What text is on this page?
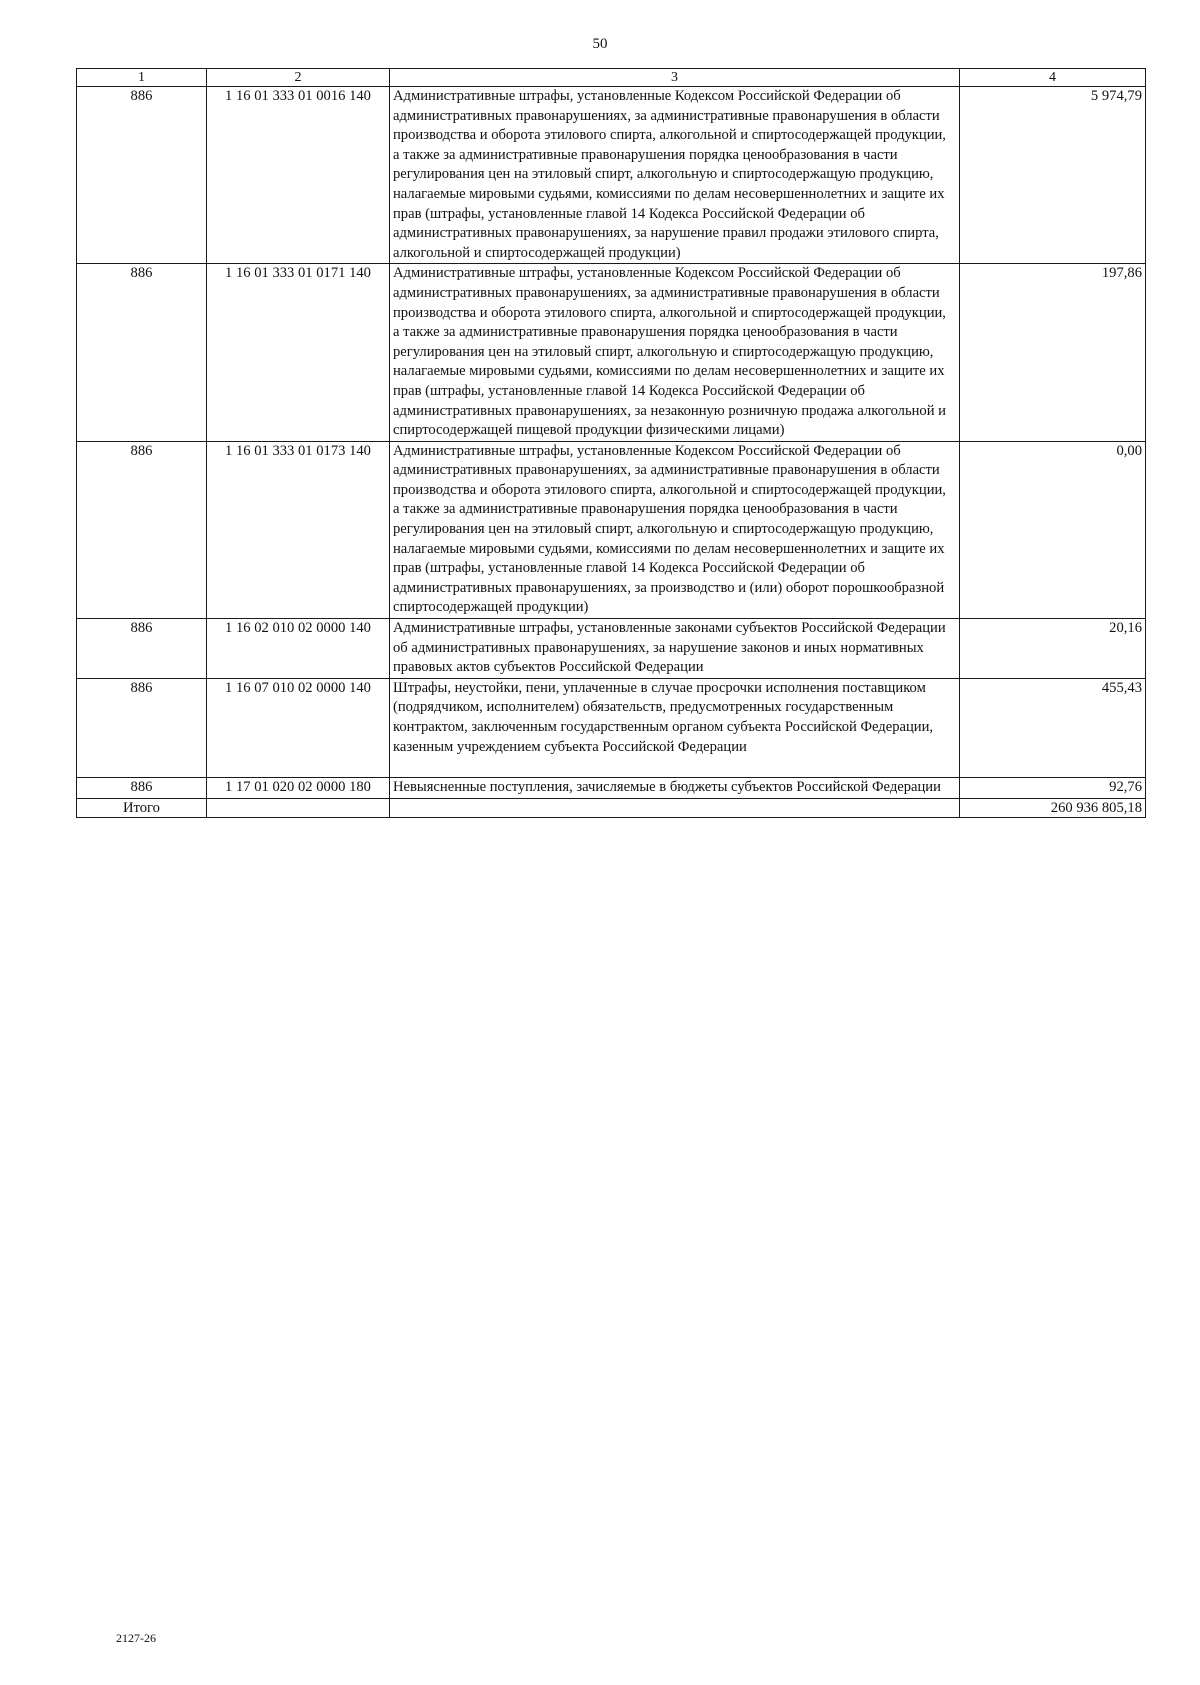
50
1	2	3	4
886	1 16 01 333 01 0016 140	Административные штрафы, установленные Кодексом Российской Федерации об административных правонарушениях, за административные правонарушения в области производства и оборота этилового спирта, алкогольной и спиртосодержащей продукции, а также за административные правонарушения порядка ценообразования в части регулирования цен на этиловый спирт, алкогольную и спиртосодержащую продукцию, налагаемые мировыми судьями, комиссиями по делам несовершеннолетних и защите их прав (штрафы, установленные главой 14 Кодекса Российской Федерации об административных правонарушениях, за нарушение правил продажи этилового спирта, алкогольной и спиртосодержащей продукции)	5 974,79
886	1 16 01 333 01 0171 140	Административные штрафы, установленные Кодексом Российской Федерации об административных правонарушениях, за административные правонарушения в области производства и оборота этилового спирта, алкогольной и спиртосодержащей продукции, а также за административные правонарушения порядка ценообразования в части регулирования цен на этиловый спирт, алкогольную и спиртосодержащую продукцию, налагаемые мировыми судьями, комиссиями по делам несовершеннолетних и защите их прав (штрафы, установленные главой 14 Кодекса Российской Федерации об административных правонарушениях, за незаконную розничную продажа алкогольной и спиртосодержащей пищевой продукции физическими лицами)	197,86
886	1 16 01 333 01 0173 140	Административные штрафы, установленные Кодексом Российской Федерации об административных правонарушениях, за административные правонарушения в области производства и оборота этилового спирта, алкогольной и спиртосодержащей продукции, а также за административные правонарушения порядка ценообразования в части регулирования цен на этиловый спирт, алкогольную и спиртосодержащую продукцию, налагаемые мировыми судьями, комиссиями по делам несовершеннолетних и защите их прав (штрафы, установленные главой 14 Кодекса Российской Федерации об административных правонарушениях, за производство и (или) оборот порошкообразной спиртосодержащей продукции)	0,00
886	1 16 02 010 02 0000 140	Административные штрафы, установленные законами субъектов Российской Федерации об административных правонарушениях, за нарушение законов и иных нормативных правовых актов субъектов Российской Федерации	20,16
886	1 16 07 010 02 0000 140	Штрафы, неустойки, пени, уплаченные в случае просрочки исполнения поставщиком (подрядчиком, исполнителем) обязательств, предусмотренных государственным контрактом, заключенным государственным органом субъекта Российской Федерации, казенным учреждением субъекта Российской Федерации	455,43
886	1 17 01 020 02 0000 180	Невыясненные поступления, зачисляемые в бюджеты субъектов Российской Федерации	92,76
Итого			260 936 805,18
2127-26
